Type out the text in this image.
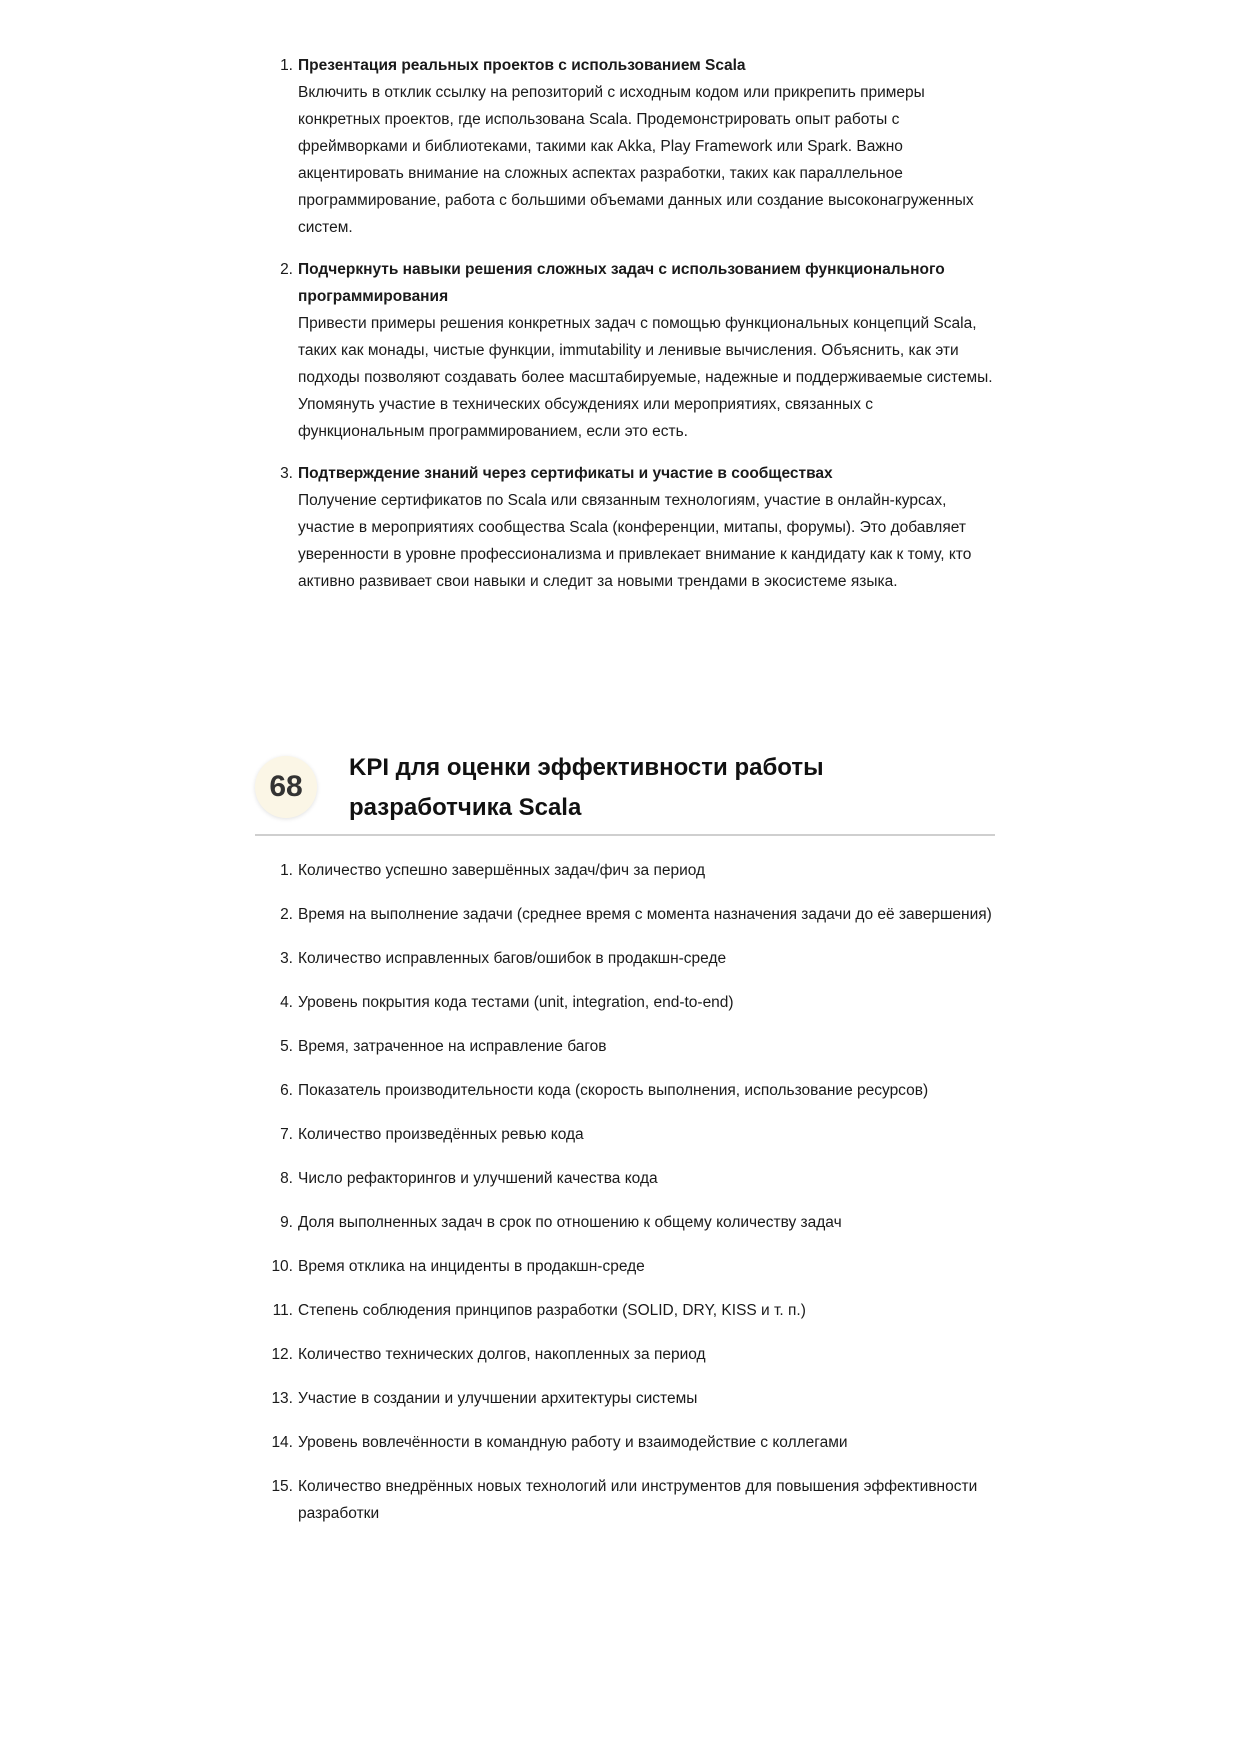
1. Презентация реальных проектов с использованием Scala
Включить в отклик ссылку на репозиторий с исходным кодом или прикрепить примеры конкретных проектов, где использована Scala. Продемонстрировать опыт работы с фреймворками и библиотеками, такими как Akka, Play Framework или Spark. Важно акцентировать внимание на сложных аспектах разработки, таких как параллельное программирование, работа с большими объемами данных или создание высоконагруженных систем.
2. Подчеркнуть навыки решения сложных задач с использованием функционального программирования
Привести примеры решения конкретных задач с помощью функциональных концепций Scala, таких как монады, чистые функции, immutability и ленивые вычисления. Объяснить, как эти подходы позволяют создавать более масштабируемые, надежные и поддерживаемые системы. Упомянуть участие в технических обсуждениях или мероприятиях, связанных с функциональным программированием, если это есть.
3. Подтверждение знаний через сертификаты и участие в сообществах
Получение сертификатов по Scala или связанным технологиям, участие в онлайн-курсах, участие в мероприятиях сообщества Scala (конференции, митапы, форумы). Это добавляет уверенности в уровне профессионализма и привлекает внимание к кандидату как к тому, кто активно развивает свои навыки и следит за новыми трендами в экосистеме языка.
68
KPI для оценки эффективности работы разработчика Scala
1. Количество успешно завершённых задач/фич за период
2. Время на выполнение задачи (среднее время с момента назначения задачи до её завершения)
3. Количество исправленных багов/ошибок в продакшн-среде
4. Уровень покрытия кода тестами (unit, integration, end-to-end)
5. Время, затраченное на исправление багов
6. Показатель производительности кода (скорость выполнения, использование ресурсов)
7. Количество произведённых ревью кода
8. Число рефакторингов и улучшений качества кода
9. Доля выполненных задач в срок по отношению к общему количеству задач
10. Время отклика на инциденты в продакшн-среде
11. Степень соблюдения принципов разработки (SOLID, DRY, KISS и т. п.)
12. Количество технических долгов, накопленных за период
13. Участие в создании и улучшении архитектуры системы
14. Уровень вовлечённости в командную работу и взаимодействие с коллегами
15. Количество внедрённых новых технологий или инструментов для повышения эффективности разработки
